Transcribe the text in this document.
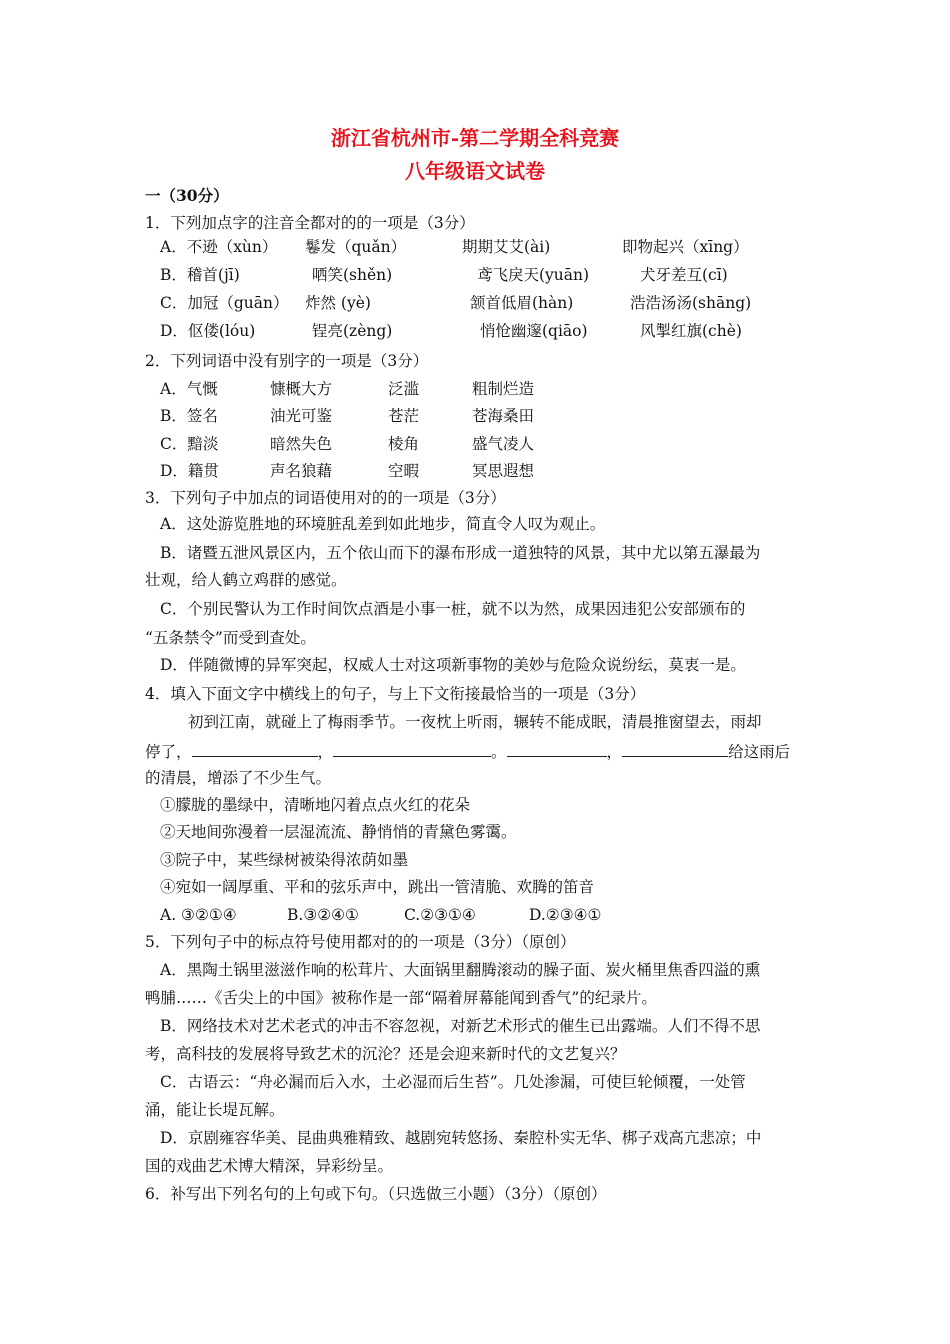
浙江省杭州市-第二学期全科竞赛
八年级语文试卷
一（30分）
1．下列加点字的注音全都对的的一项是（3分）
A．不逊（xùn） 鬈发（quǎn）	期期艾艾(ài)	即物起兴（xīng）
B．稽首(jī)	哂笑(shěn)	鸢飞戾天(yuān)	犬牙差互(cī)
C．加冠（guān） 炸然 (yè)	颔首低眉(hàn)	浩浩汤汤(shāng)
D．伛偻(lóu)	锃亮(zèng)	悄怆幽邃(qiāo)	风掣红旗(chè)
2．下列词语中没有别字的一项是（3分）
A．气慨	慷概大方	泛滥	粗制烂造
B．签名	油光可鉴	苍茫	苍海桑田
C．黯淡	暗然失色	棱角	盛气凌人
D．籍贯	声名狼藉	空暇	冥思遐想
3．下列句子中加点的词语使用对的的一项是（3分）
A．这处游览胜地的环境脏乱差到如此地步，简直令人叹为观止。
B．诸暨五泄风景区内，五个依山而下的瀑布形成一道独特的风景，其中尤以第五瀑最为
壮观，给人鹤立鸡群的感觉。
C．个别民警认为工作时间饮点酒是小事一桩，就不以为然，成果因违犯公安部颁布的
“五条禁令”而受到查处。
D．伴随微博的异军突起，权威人士对这项新事物的美妙与危险众说纷纭，莫衷一是。
4．填入下面文字中横线上的句子，与上下文衔接最恰当的一项是（3分）
初到江南，就碰上了梅雨季节。一夜枕上听雨，辗转不能成眠，清晨推窗望去，雨却
停了，	，	。	，	给这雨后
的清晨，增添了不少生气。
①朦胧的墨绿中，清晰地闪着点点火红的花朵
②天地间弥漫着一层湿流流、静悄悄的青黛色雾霭。
③院子中，某些绿树被染得浓荫如墨
④宛如一阔厚重、平和的弦乐声中，跳出一管清脆、欢腾的笛音
A. ③②①④	B.③②④①	C.②③①④	D.②③④①
5．下列句子中的标点符号使用都对的的一项是（3分）（原创）
A．黑陶土锅里滋滋作响的松茸片、大面锅里翻腾滚动的臊子面、炭火桶里焦香四溢的熏
鸭脯……《舌尖上的中国》被称作是一部“隔着屏幕能闻到香气”的纪录片。
B．网络技术对艺术老式的冲击不容忽视，对新艺术形式的催生已出露端。人们不得不思
考，高科技的发展将导致艺术的沉沦？还是会迎来新时代的文艺复兴？
C．古语云：“舟必漏而后入水，土必湿而后生苔”。几处渗漏，可使巨轮倾覆，一处管
涌，能让长堤瓦解。
D．京剧雍容华美、昆曲典雅精致、越剧宛转悠扬、秦腔朴实无华、梆子戏高亢悲凉；中
国的戏曲艺术博大精深，异彩纷呈。
6．补写出下列名句的上句或下句。（只选做三小题）（3分）（原创）
